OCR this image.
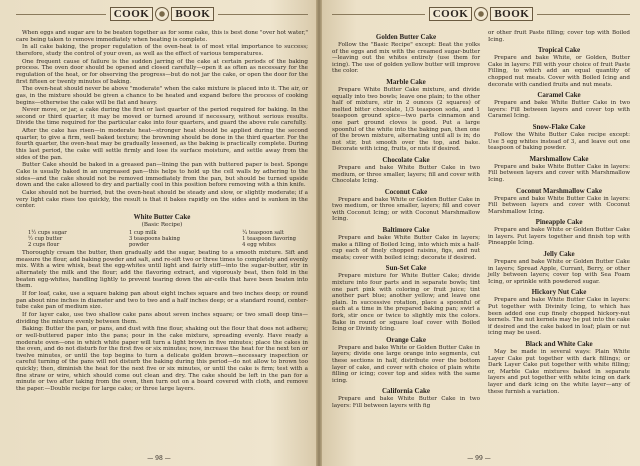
COOK	BOOK

When eggs and sugar are to be beaten together as for some cake, this is best done "over hot water," care being taken to remove immediately when heating is complete.

In all cake baking, the proper regulation of the oven-heat is of most vital importance to success; therefore, study the control of your oven, as well as the effect of various temperatures.

One frequent cause of failure is the sudden jarring of the cake at certain periods of the baking process. The oven door should be opened and closed carefully—open it as often as necessary for the regulation of the heat, or for observing the progress—but do not jar the cake, or open the door for the first fifteen or twenty minutes of baking.

The oven-heat should never be above "moderate" when the cake mixture is placed into it. The air, or gas, in the mixture should be given a chance to be heated and expand before the process of cooking begins—otherwise the cake will be flat and heavy.

Never move, or jar, a cake during the first or last quarter of the period required for baking. In the second or third quarter, it may be moved or turned around if necessary, without serious results. Divide the time required for the particular cake into four quarters, and guard the above rule carefully.

After the cake has risen—in moderate heat—stronger heat should be applied during the second quarter, to give a firm, well baked texture; the browning should be done in the third quarter. For the fourth quarter, the oven-heat may be gradually lessened, as the baking is practically complete. During this last period, the cake will settle firmly and lose its surface moisture, and settle away from the sides of the pan.

Butter Cake should be baked in a greased pan—lining the pan with buttered paper is best. Sponge Cake is usually baked in an ungreased pan—this helps to hold up the cell walls by adhering to the sides—and the cake should not be removed immediately from the pan, but should be turned upside down and the cake allowed to dry and partially cool in this position before removing with a thin knife.

Cake should not be hurried, but the oven-heat should be steady and slow, or slightly moderate; if a very light cake rises too quickly, the result is that it bakes rapidly on the sides and is sunken in the center.

White Butter Cake
(Basic Recipe)
1½ cups sugar
½ cup butter
2 cups flour
1 cup milk
3 teaspoons baking
powder
¼ teaspoon salt
1 teaspoon flavoring
4 egg whites

Thoroughly cream the butter, then gradually add the sugar, beating to a smooth mixture. Sift and measure the flour, add baking powder and salt, and re-sift two or three times to completely and evenly mix. With a wire whisk, beat the egg-whites until light and fairly stiff—into the sugar-butter, stir in alternately the milk and the flour; add the flavoring extract, and vigorously beat, then fold in the beaten egg-whites, handling lightly to prevent tearing down the air-cells that have been beaten into them.

If for loaf, cake, use a square baking pan about eight inches square and two inches deep; or round pan about nine inches in diameter and two to two and a half inches deep; or a standard round, center-tube cake pan of medium size.

If for layer cake, use two shallow cake pans about seven inches square; or two small deep tins—dividing the mixture evenly between them.

Baking: Butter the pan, or pans, and dust with fine flour, shaking out the flour that does not adhere; or well-buttered paper into the pans; pour in the cake mixture, spreading evenly. Have ready a moderate oven—one in which white paper will turn a light brown in five minutes; place the cakes in the oven, and do not disturb for the first five or six minutes; now, increase the heat for the next ten or twelve minutes, or until the top begins to turn a delicate golden brown—necessary inspection or careful turning of the pans will not disturb the baking during this period—do not allow to brown too quickly; then, diminish the heat for the next five or six minutes, or until the cake is firm; test with a fine straw or wire, which should come out clean and dry. The cake should be left in the pan for a minute or two after taking from the oven, then turn out on a board covered with cloth, and remove the paper.—Double recipe for large cake; or three large layers.

— 98 —
COOK	BOOK
Golden Butter Cake

Follow the "Basic Recipe" except: Beat the yolks of the eggs and mix with the creamed sugar-butter—leaving out the whites entirely (use them for icing). The use of golden yellow butter will improve the color.

Marble Cake

Prepare White Butter Cake mixture, and divide equally into two bowls; leave one plain; to the other half of mixture, stir in 2 ounces (2 squares) of melted bitter chocolate, 1/3 teaspoon soda, and 1 teaspoon ground spice—two parts cinnamon and one part ground cloves is good. Put a large spoonful of the white into the baking pan, then one of the brown mixture, alternating until all is in; do not stir, but smooth over the top, and bake. Decorate with icing, fruits, or nuts if desired.

Chocolate Cake

Prepare and bake White Butter Cake in two medium, or three smaller, layers; fill and cover with Chocolate Icing.

Coconut Cake

Prepare and bake White or Golden Butter Cake in two medium, or three smaller, layers; fill and cover with Coconut Icing; or with Coconut Marshmallow Icing.

Baltimore Cake

Prepare and bake White Butter Cake in layers; make a filling of Boiled Icing, into which mix a half-cup each of finely chopped raisins, figs, and nut meats; cover with boiled icing; decorate if desired.

Sun-Set Cake

Prepare mixture for White Butter Cake; divide mixture into four parts and in separate bowls; tint one part pink with coloring or fruit juice; tint another part blue; another yellow; and leave one plain. In successive rotation, place a spoonful of each at a time in the prepared baking pan; swirl a fork, stir once or twice to slightly mix the colors. Bake in round or square loaf cover with Boiled Icing or Divinity Icing.

Orange Cake

Prepare and bake White or Golden Butter Cake in layers; divide one large orange into segments, cut these sections in half, distribute over the bottom layer of cake, and cover with choice of plain white filling or icing; cover top and sides with the same icing.

California Cake

Prepare and bake White Butter Cake in two layers: Fill between layers with fig

or other fruit Paste filling; cover top with Boiled Icing.

Tropical Cake

Prepare and bake White, or Golden, Butter Cake in layers: Fill with your choice of fruit Paste Filling, to which add an equal quantity of chopped nut meats. Cover with Boiled Icing and decorate with candied fruits and nut meats.

Caramel Cake

Prepare and bake White Butter Cake in two layers: Fill between layers and cover top with Caramel Icing.

Snow-Flake Cake

Follow the White Butter Cake recipe except: Use 5 egg whites instead of 3, and leave out one teaspoon of baking powder.

Marshmallow Cake

Prepare and bake White Butter Cake in layers: Fill between layers and cover with Marshmallow Icing.

Coconut Marshmallow Cake

Prepare and bake White Butter Cake in layers: Fill between layers and cover with Coconut Marshmallow Icing.

Pineapple Cake

Prepare and bake White or Golden Butter Cake in layers. Put layers together and finish top with Pineapple Icing.

Jelly Cake

Prepare and bake White or Golden Butter Cake in layers; Spread Apple, Currant, Berry, or other jelly between layers; cover top with Sea Foam Icing, or sprinkle with powdered sugar.

Hickory Nut Cake

Prepare and bake White Butter Cake in layers: Put together with Divinity Icing, to which has been added one cup finely chopped hickory-nut kernels. The nut kernels may be put into the cake if desired and the cake baked in loaf; plain or nut icing may be used.

Black and White Cake

May be made in several ways: Plain White Layer Cake put together with dark fillings; or Dark Layer Cake put together with white filling; or, Marble Cake mixtures baked in separate layers and put together with white icing on dark layer and dark icing on the white layer—any of these furnish a variation.

— 99 —
